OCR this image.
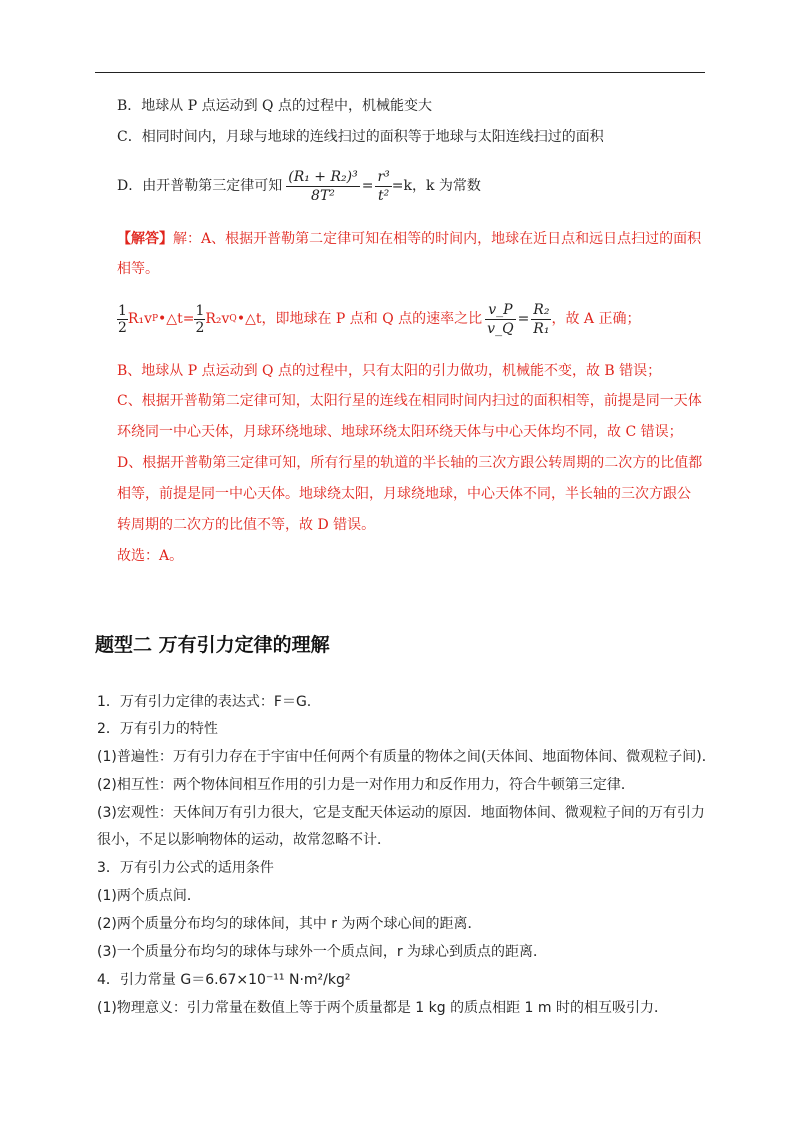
B．地球从 P 点运动到 Q 点的过程中，机械能变大
C．相同时间内，月球与地球的连线扫过的面积等于地球与太阳连线扫过的面积
D．由开普勒第三定律可知 $\frac{\text{(R₁ + R₂)³}}{\text{8T²}} = \frac{\text{r³}}{\text{t²}} =k$，k 为常数
【解答】解：A、根据开普勒第二定律可知在相等的时间内，地球在近日点和远日点扫过的面积
相等。
$\frac{1}{2} R_1v$ P •△t= $\frac{1}{2} R_2v$ Q •△t，即地球在 P 点和 Q 点的速率之比 $\frac{v\_P}{v\_Q} = \frac{\text{R₂}}{\text{R₁}}$ ，故 A 正确；
B、地球从 P 点运动到 Q 点的过程中，只有太阳的引力做功，机械能不变，故 B 错误；
C、根据开普勒第二定律可知，太阳行星的连线在相同时间内扫过的面积相等，前提是同一天体
环绕同一中心天体，月球环绕地球、地球环绕太阳环绕天体与中心天体均不同，故 C 错误；
D、根据开普勒第三定律可知，所有行星的轨道的半长轴的三次方跟公转周期的二次方的比值都
相等，前提是同一中心天体。地球绕太阳，月球绕地球，中心天体不同，半长轴的三次方跟公
转周期的二次方的比值不等，故 D 错误。
故选：A。
题型二 万有引力定律的理解
1．万有引力定律的表达式：F＝G.
2．万有引力的特性
(1)普遍性：万有引力存在于宇宙中任何两个有质量的物体之间(天体间、地面物体间、微观粒子间)．
(2)相互性：两个物体间相互作用的引力是一对作用力和反作用力，符合牛顿第三定律．
(3)宏观性：天体间万有引力很大，它是支配天体运动的原因．地面物体间、微观粒子间的万有引力
很小，不足以影响物体的运动，故常忽略不计．
3．万有引力公式的适用条件
(1)两个质点间．
(2)两个质量分布均匀的球体间，其中 r 为两个球心间的距离．
(3)一个质量分布均匀的球体与球外一个质点间，r 为球心到质点的距离．
4．引力常量 G＝6.67×10⁻¹¹ N·m²/kg²
(1)物理意义：引力常量在数值上等于两个质量都是 1 kg 的质点相距 1 m 时的相互吸引力．
